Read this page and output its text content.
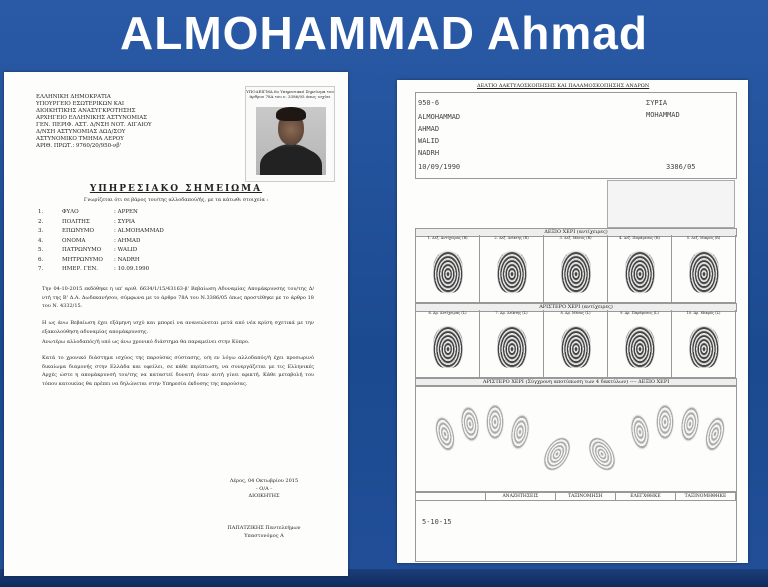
ALMOHAMMAD Ahmad
ΕΛΛΗΝΙΚΗ ΔΗΜΟΚΡΑΤΙΑ
ΥΠΟΥΡΓΕΙΟ ΕΣΩΤΕΡΙΚΩΝ ΚΑΙ
ΔΙΟΙΚΗΤΙΚΗΣ ΑΝΑΣΥΓΚΡΟΤΗΣΗΣ
ΑΡΧΗΓΕΙΟ ΕΛΛΗΝΙΚΗΣ ΑΣΤΥΝΟΜΙΑΣ
ΓΕΝ. ΠΕΡΙΦ. ΑΣΤ. Δ/ΝΣΗ ΝΟΤ. ΑΙΓΑΙΟΥ
Δ/ΝΣΗ ΑΣΤΥΝΟΜΙΑΣ ΔΩΔ/ΣΟΥ
ΑΣΤΥΝΟΜΙΚΟ ΤΜΗΜΑ ΛΕΡΟΥ
ΑΡΙΘ. ΠΡΩΤ.: 9760/20/950-νβ'
ΥΠΟΔΕΙΓΜΑ 6ο Υπηρεσιακό Σημείωμα του άρθρου 78Α του ν. 3386/05 όπως ισχύει
ΥΠΗΡΕΣΙΑΚΟ ΣΗΜΕΙΩΜΑ
Γνωρίζεται ότι σε βάρος του/της αλλοδαπού/ής, με τα κάτωθι στοιχεία :
1.	ΦΥΛΟ	: ΑΡΡΕΝ
2.	ΠΟΛΙΤΗΣ	: ΣΥΡΙΑ
3.	ΕΠΩΝΥΜΟ	: ALMOHAMMAD
4.	ΟΝΟΜΑ	: AHMAD
5.	ΠΑΤΡΩΝΥΜΟ	: WALID
6.	ΜΗΤΡΩΝΥΜΟ	: NADRH
7.	ΗΜΕΡ. ΓΕΝ.	: 10.09.1990
Την 04-10-2015 εκδόθηκε η υπ' αριθ. 6634/1/15/43163-β' Βεβαίωση Αδυναμίας Απομάκρυνσης του/της Δ/ντή της Β' Δ.Α. Δωδεκανήσου, σύμφωνα με το άρθρο 78Α του Ν.3386/05 όπως προστέθηκε με το άρθρο 18 του Ν. 4332/15.
Η ως άνω Βεβαίωση έχει εξάμηνη ισχύ και μπορεί να ανανεώνεται μετά από νέα κρίση σχετικά με την εξακολούθηση αδυναμίας απομάκρυνσης.
Ανωτέρω αλλοδαπός/ή υπό ως άνω χρονικό διάστημα θα παραμείνει στην Κύπρο.
Κατά το χρονικό διάστημα ισχύος της παρούσας σύστασης, ο/η εν λόγω αλλοδαπός/ή έχει προσωρινό δικαίωμα διαμονής στην Ελλάδα και οφείλει, σε κάθε περίπτωση, να συνεργάζεται με τις Ελληνικές Αρχές ώστε η απομάκρυνσή του/της να καταστεί δυνατή όταν αυτή γίνει εφικτή. Κάθε μεταβολή του τόπου κατοικίας θα πρέπει να δηλώνεται στην Υπηρεσία έκδοσης της παρούσας.
Λέρος, 04 Οκτωβρίου 2015
- Ο/Α -
ΔΙΟΙΚΗΤΗΣ
ΠΑΠΑΤΖΙΚΗΣ Παντελεήμων
Υπαστυνόμος Α
ΔΕΛΤΙΟ ΔΑΚΤΥΛΟΣΚΟΠΗΣΗΣ ΚΑΙ ΠΑΛΑΜΟΣΚΟΠΗΣΗΣ ΑΝΔΡΩΝ
950-6
ALMOHAMMAD
AHMAD
WALID
NADRH
10/09/1990
ΣΥΡΙΑ
MOHAMMAD
3386/05
ΔΕΞΙΟ ΧΕΡΙ (αντίχειρες)
1. Δεξ. Αντίχειρας (R)	2. Δεξ. Δείκτης (R)	3. Δεξ. Μέσος (R)	4. Δεξ. Παράμεσος (R)	5. Δεξ. Μικρός (R)
ΑΡΙΣΤΕΡΟ ΧΕΡΙ (αντίχειρες)
6. Αρ. Αντίχειρας (L)	7. Αρ. Δείκτης (L)	8. Αρ. Μέσος (L)	9. Αρ. Παράμεσος (L)	10. Αρ. Μικρός (L)
ΑΡΙΣΤΕΡΟ ΧΕΡΙ (Σύγχρονη αποτύπωση των 4 δακτύλων) ---- ΔΕΞΙΟ ΧΕΡΙ
ΑΝΑΖΗΤΗΣΕΙΣ	ΤΑΞΙΝΟΜΗΣΗ	ΕΛΕΓΧΘΗΚΕ	ΤΑΞΙΝΟΜΗΘΗΚΕ
5-10-15
